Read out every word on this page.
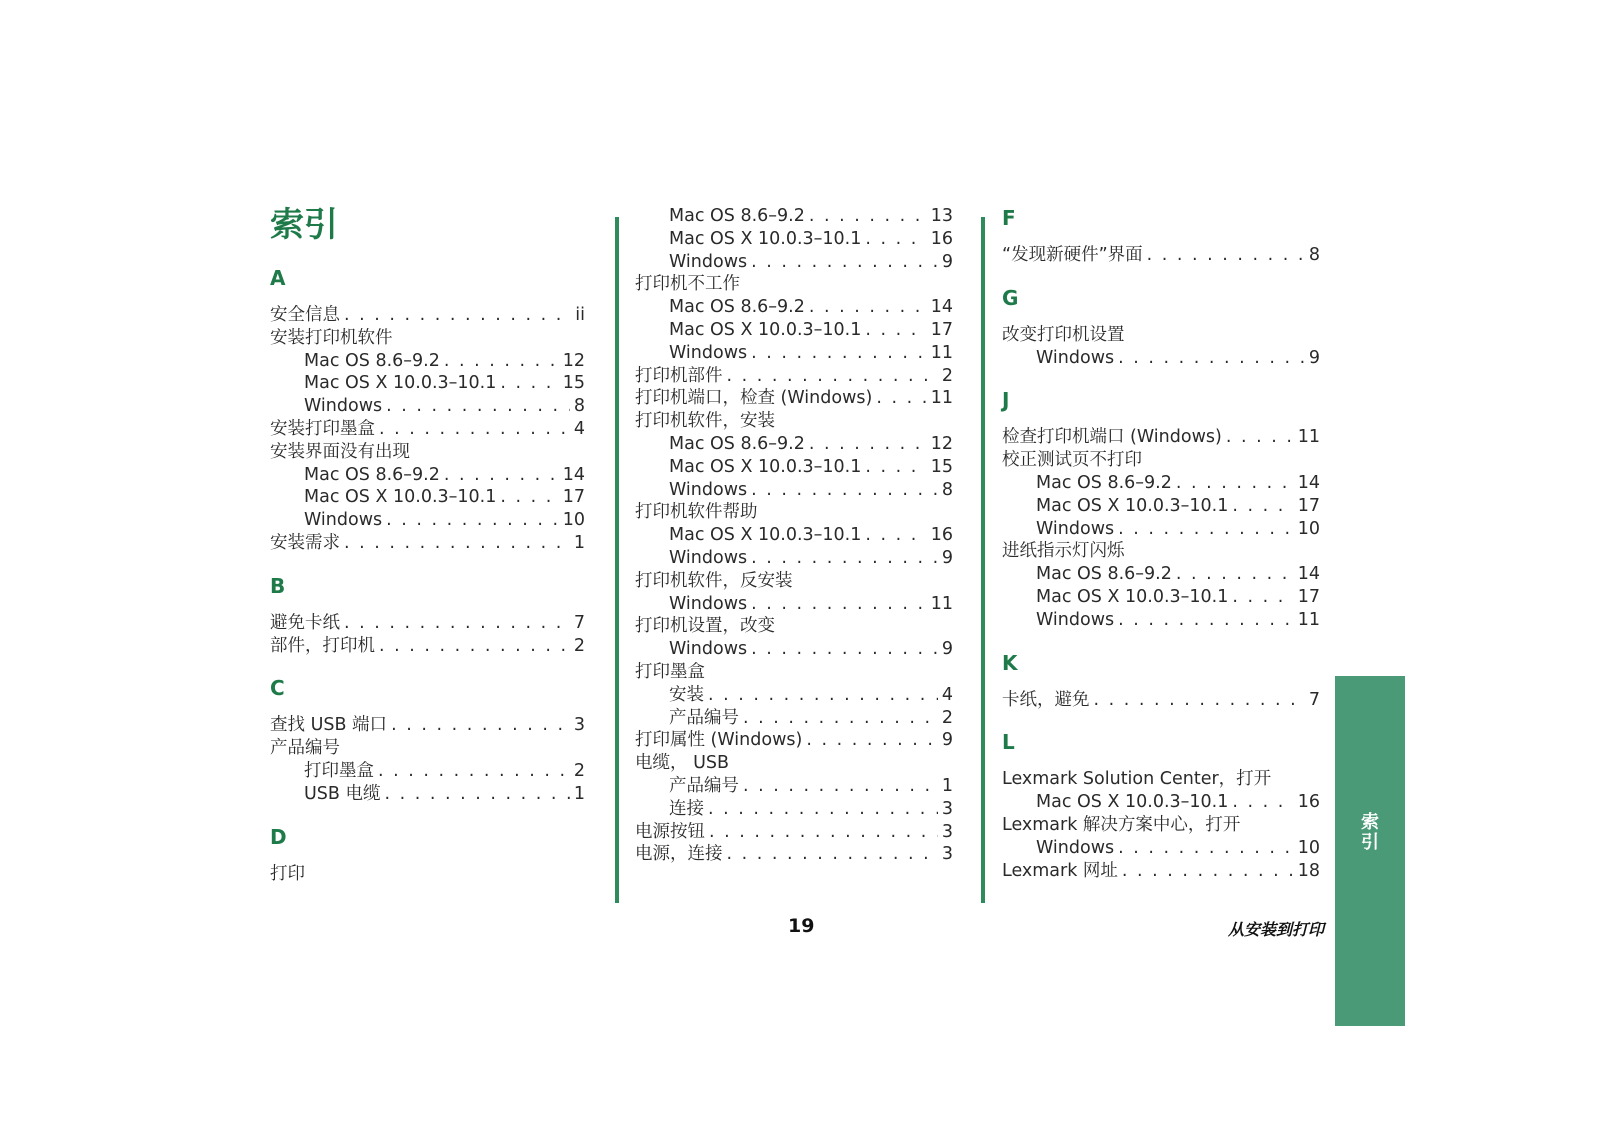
索引
A
安全信息 . . .	ii
安装打印机软件
Mac OS 8.6–9.2 . . .	12
Mac OS X 10.0.3–10.1 . . .	15
Windows . . .	8
安装打印墨盒 . . .	4
安装界面没有出现
Mac OS 8.6–9.2 . . .	14
Mac OS X 10.0.3–10.1 . . .	17
Windows . . .	10
安装需求 . . .	1
B
避免卡纸 . . .	7
部件，打印机 . . .	2
C
查找 USB 端口 . . .	3
产品编号
打印墨盒 . . .	2
USB 电缆 . . .	1
D
打印
Mac OS 8.6–9.2 . . .	13
Mac OS X 10.0.3–10.1 . . .	16
Windows . . .	9
打印机不工作
Mac OS 8.6–9.2 . . .	14
Mac OS X 10.0.3–10.1 . . .	17
Windows . . .	11
打印机部件 . . .	2
打印机端口，检查 (Windows) . . .	11
打印机软件，安装
Mac OS 8.6–9.2 . . .	12
Mac OS X 10.0.3–10.1 . . .	15
Windows . . .	8
打印机软件帮助
Mac OS X 10.0.3–10.1 . . .	16
Windows . . .	9
打印机软件，反安装
Windows . . .	11
打印机设置，改变
Windows . . .	9
打印墨盒
安装 . . .	4
产品编号 . . .	2
打印属性 (Windows) . . .	9
电缆， USB
产品编号 . . .	1
连接 . . .	3
电源按钮 . . .	3
电源，连接 . . .	3
F
“发现新硬件”界面 . . .	8
G
改变打印机设置
Windows . . .	9
J
检查打印机端口 (Windows) . . .	11
校正测试页不打印
Mac OS 8.6–9.2 . . .	14
Mac OS X 10.0.3–10.1 . . .	17
Windows . . .	10
进纸指示灯闪烁
Mac OS 8.6–9.2 . . .	14
Mac OS X 10.0.3–10.1 . . .	17
Windows . . .	11
K
卡纸，避免 . . .	7
L
Lexmark Solution Center，打开
Mac OS X 10.0.3–10.1 . . .	16
Lexmark 解决方案中心，打开
Windows . . .	10
Lexmark 网址 . . .	18
19	从安装到打印
索引
